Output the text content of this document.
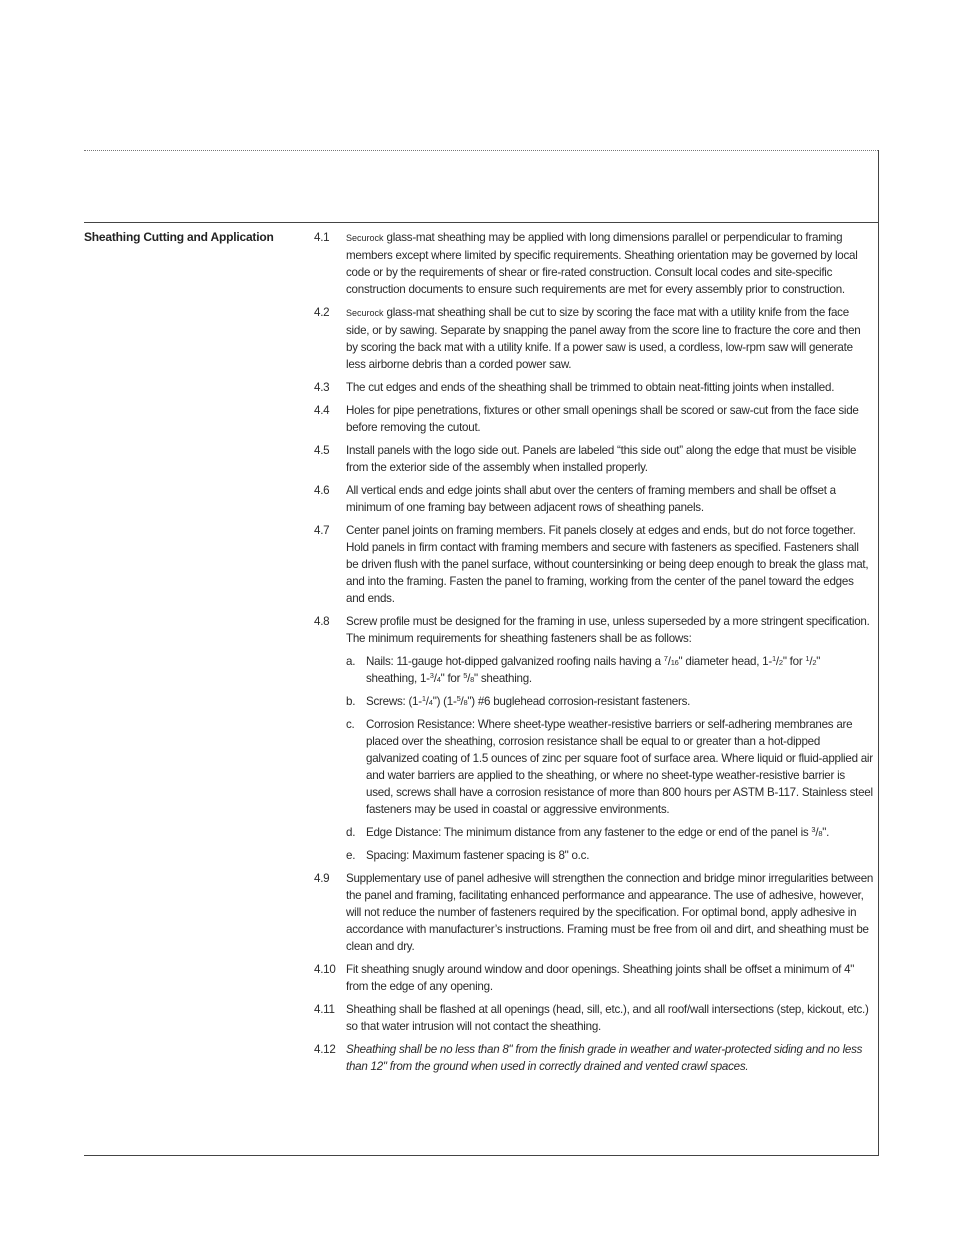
Sheathing Cutting and Application	4.1	Securock glass-mat sheathing may be applied with long dimensions parallel or perpendicular to framing members except where limited by specific requirements. Sheathing orientation may be governed by local code or by the requirements of shear or fire-rated construction. Consult local codes and site-specific construction documents to ensure such requirements are met for every assembly prior to construction.
4.2	Securock glass-mat sheathing shall be cut to size by scoring the face mat with a utility knife from the face side, or by sawing. Separate by snapping the panel away from the score line to fracture the core and then by scoring the back mat with a utility knife. If a power saw is used, a cordless, low-rpm saw will generate less airborne debris than a corded power saw.
4.3	The cut edges and ends of the sheathing shall be trimmed to obtain neat-fitting joints when installed.
4.4	Holes for pipe penetrations, fixtures or other small openings shall be scored or saw-cut from the face side before removing the cutout.
4.5	Install panels with the logo side out. Panels are labeled “this side out” along the edge that must be visible from the exterior side of the assembly when installed properly.
4.6	All vertical ends and edge joints shall abut over the centers of framing members and shall be offset a minimum of one framing bay between adjacent rows of sheathing panels.
4.7	Center panel joints on framing members. Fit panels closely at edges and ends, but do not force together. Hold panels in firm contact with framing members and secure with fasteners as specified. Fasteners shall be driven flush with the panel surface, without countersinking or being deep enough to break the glass mat, and into the framing. Fasten the panel to framing, working from the center of the panel toward the edges and ends.
4.8	Screw profile must be designed for the framing in use, unless superseded by a more stringent specification. The minimum requirements for sheathing fasteners shall be as follows:
a. Nails: 11-gauge hot-dipped galvanized roofing nails having a $^7$/16" diameter head, 1-$^1$/2" for $^1$/2" sheathing, 1-$^3$/4" for $^5$/8" sheathing.
b. Screws: (1-$^1$/4") (1-$^5$/8") #6 buglehead corrosion-resistant fasteners.
c. Corrosion Resistance: Where sheet-type weather-resistive barriers or self-adhering membranes are placed over the sheathing, corrosion resistance shall be equal to or greater than a hot-dipped galvanized coating of 1.5 ounces of zinc per square foot of surface area. Where liquid or fluid-applied air and water barriers are applied to the sheathing, or where no sheet-type weather-resistive barrier is used, screws shall have a corrosion resistance of more than 800 hours per ASTM B-117. Stainless steel fasteners may be used in coastal or aggressive environments.
d. Edge Distance: The minimum distance from any fastener to the edge or end of the panel is $^3$/8".
e. Spacing: Maximum fastener spacing is 8" o.c.
4.9	Supplementary use of panel adhesive will strengthen the connection and bridge minor irregularities between the panel and framing, facilitating enhanced performance and appearance. The use of adhesive, however, will not reduce the number of fasteners required by the specification. For optimal bond, apply adhesive in accordance with manufacturer’s instructions. Framing must be free from oil and dirt, and sheathing must be clean and dry.
4.10 Fit sheathing snugly around window and door openings. Sheathing joints shall be offset a minimum of 4" from the edge of any opening.
4.11 Sheathing shall be flashed at all openings (head, sill, etc.), and all roof/wall intersections (step, kickout, etc.) so that water intrusion will not contact the sheathing.
4.12 Sheathing shall be no less than 8" from the finish grade in weather and water-protected siding and no less than 12" from the ground when used in correctly drained and vented crawl spaces.
